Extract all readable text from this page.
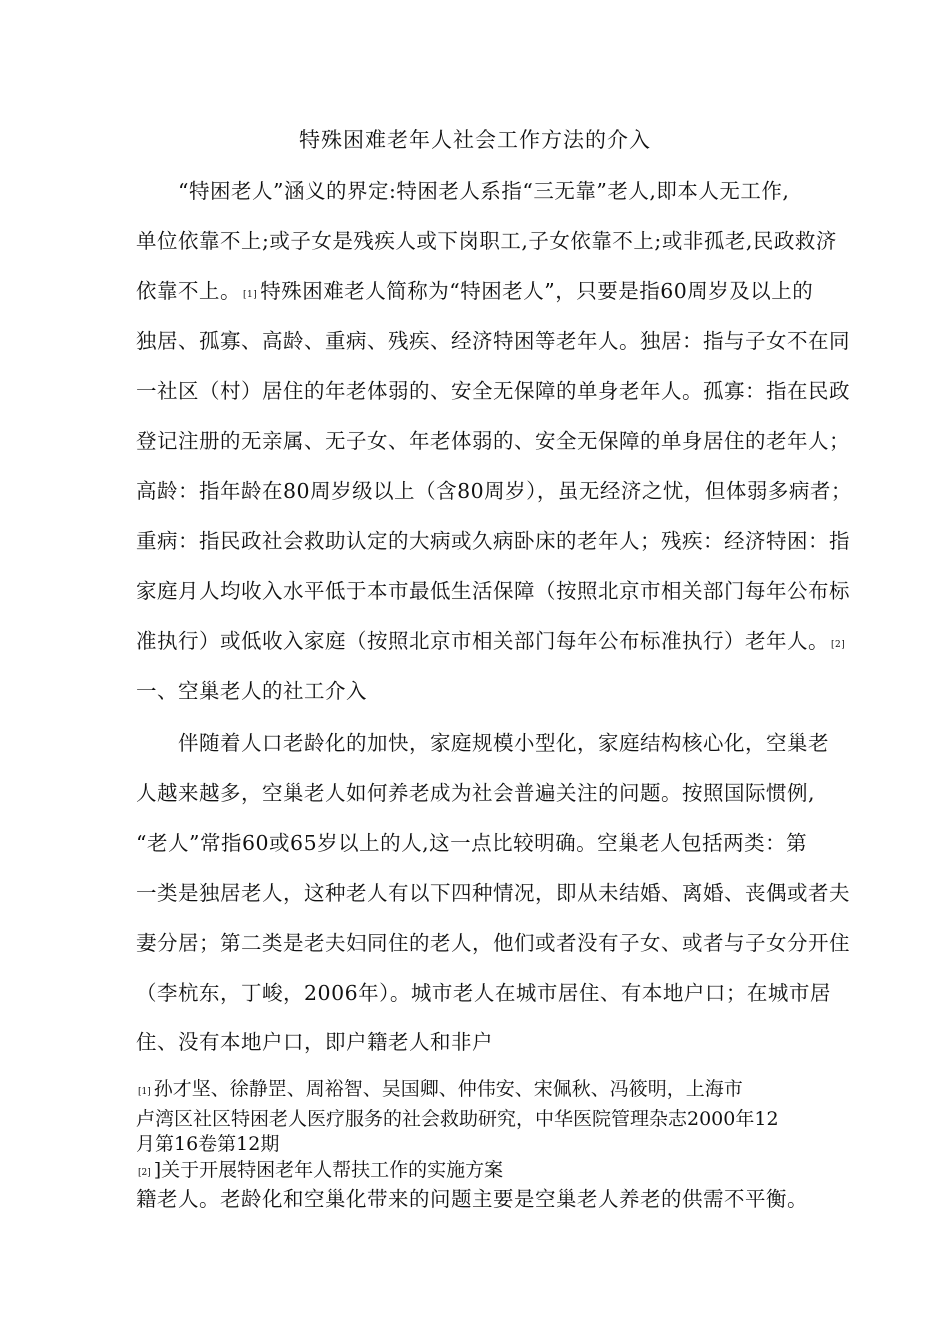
特殊困难老年人社会工作方法的介入
“特困老人”涵义的界定:特困老人系指“三无靠”老人,即本人无工作,
单位依靠不上;或子女是残疾人或下岗职工,子女依靠不上;或非孤老,民政救济
依靠不上。 [1] 特殊困难老人简称为“特困老人”，只要是指60周岁及以上的
独居、孤寡、高龄、重病、残疾、经济特困等老年人。独居：指与子女不在同
一社区（村）居住的年老体弱的、安全无保障的单身老年人。孤寡：指在民政
登记注册的无亲属、无子女、年老体弱的、安全无保障的单身居住的老年人；
高龄：指年龄在80周岁级以上（含80周岁），虽无经济之忧，但体弱多病者；
重病：指民政社会救助认定的大病或久病卧床的老年人；残疾：经济特困：指
家庭月人均收入水平低于本市最低生活保障（按照北京市相关部门每年公布标
准执行）或低收入家庭（按照北京市相关部门每年公布标准执行）老年人。 [2]
一、空巢老人的社工介入
伴随着人口老龄化的加快，家庭规模小型化，家庭结构核心化，空巢老
人越来越多，空巢老人如何养老成为社会普遍关注的问题。按照国际惯例,
“老人”常指60或65岁以上的人,这一点比较明确。空巢老人包括两类：第
一类是独居老人，这种老人有以下四种情况，即从未结婚、离婚、丧偶或者夫
妻分居；第二类是老夫妇同住的老人，他们或者没有子女、或者与子女分开住
（李杭东，丁峻，2006年）。城市老人在城市居住、有本地户口；在城市居
住、没有本地户口，即户籍老人和非户
[1] 孙才坚、徐静罡、周裕智、吴国卿、仲伟安、宋佩秋、冯筱明，上海市
卢湾区社区特困老人医疗服务的社会救助研究，中华医院管理杂志2000年12
月第16卷第12期
[2] ]关于开展特困老年人帮扶工作的实施方案
籍老人。老龄化和空巢化带来的问题主要是空巢老人养老的供需不平衡。
